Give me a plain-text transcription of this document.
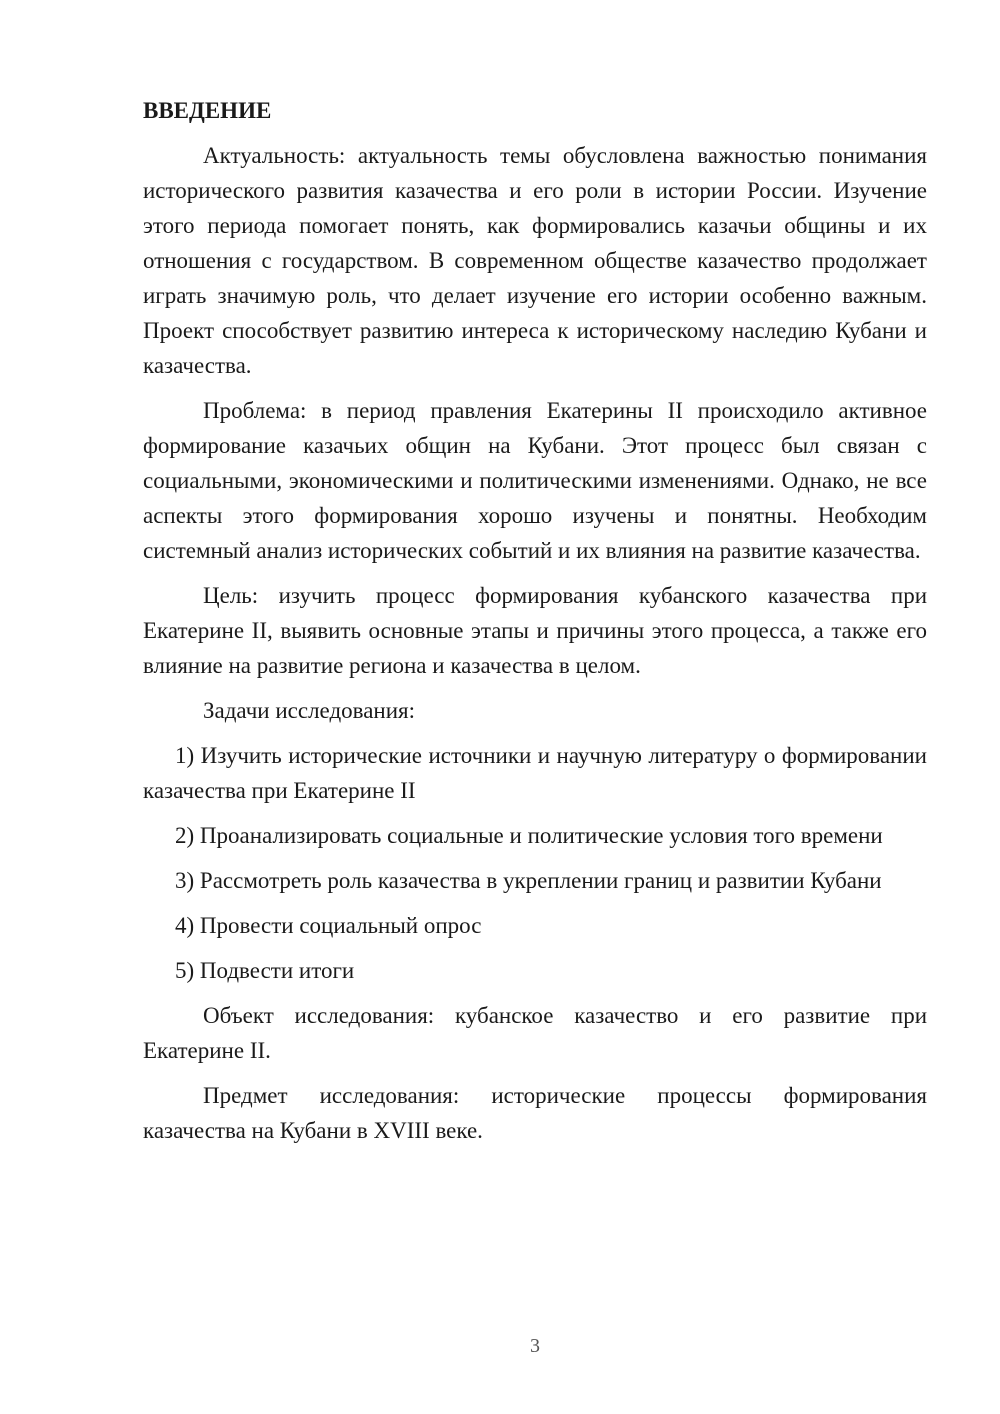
ВВЕДЕНИЕ

Актуальность: актуальность темы обусловлена важностью понимания исторического развития казачества и его роли в истории России. Изучение этого периода помогает понять, как формировались казачьи общины и их отношения с государством. В современном обществе казачество продолжает играть значимую роль, что делает изучение его истории особенно важным. Проект способствует развитию интереса к историческому наследию Кубани и казачества.

Проблема: в период правления Екатерины II происходило активное формирование казачьих общин на Кубани. Этот процесс был связан с социальными, экономическими и политическими изменениями. Однако, не все аспекты этого формирования хорошо изучены и понятны. Необходим системный анализ исторических событий и их влияния на развитие казачества.

Цель: изучить процесс формирования кубанского казачества при Екатерине II, выявить основные этапы и причины этого процесса, а также его влияние на развитие региона и казачества в целом.

Задачи исследования:

1) Изучить исторические источники и научную литературу о формировании казачества при Екатерине II

2) Проанализировать социальные и политические условия того времени

3) Рассмотреть роль казачества в укреплении границ и развитии Кубани

4) Провести социальный опрос

5) Подвести итоги

Объект исследования: кубанское казачество и его развитие при Екатерине II.

Предмет исследования: исторические процессы формирования казачества на Кубани в XVIII веке.

3
